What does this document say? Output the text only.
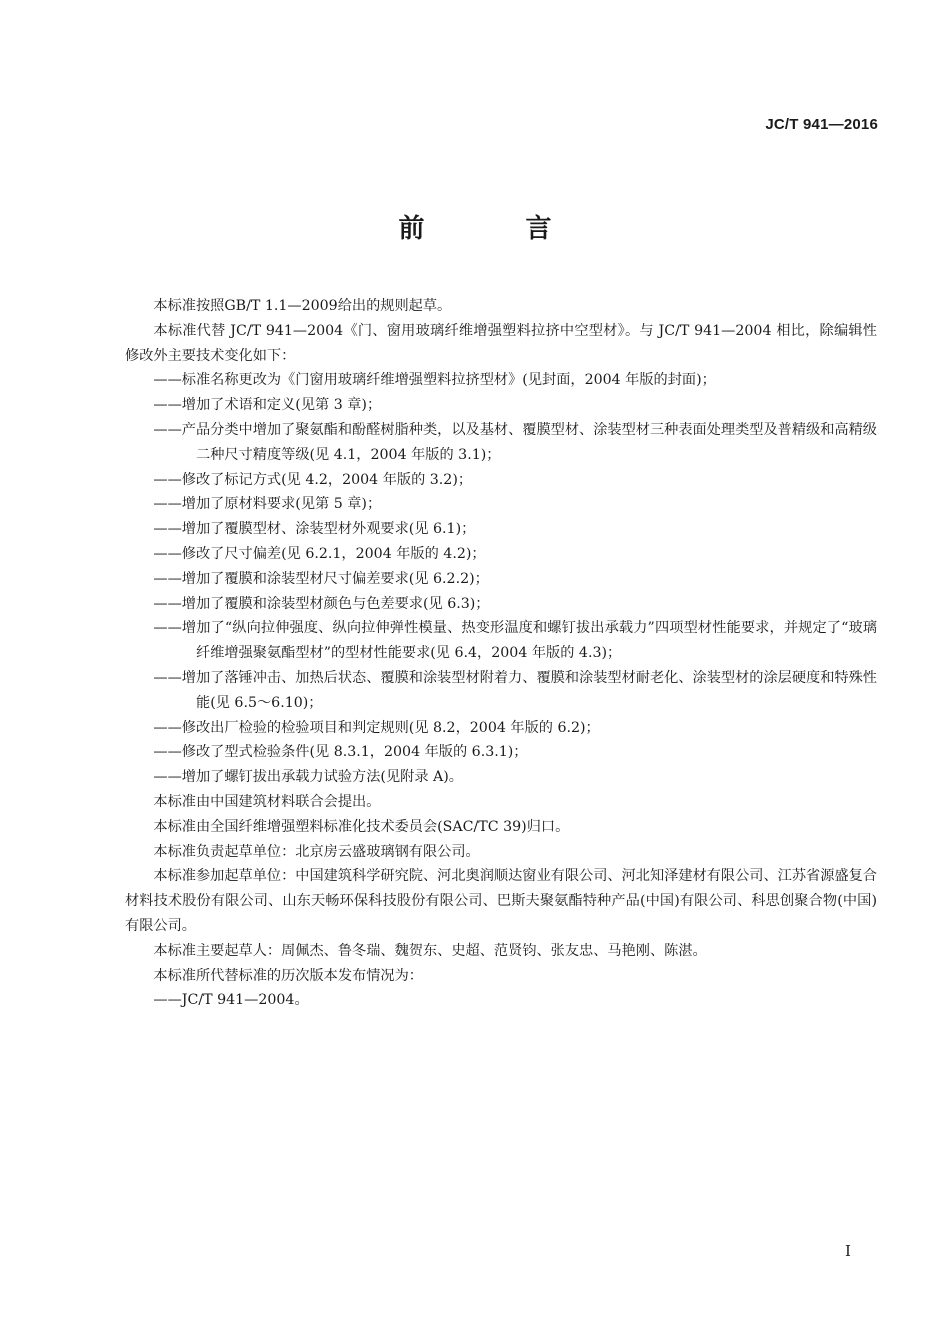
JC/T 941—2016
前 言

本标准按照GB/T 1.1—2009给出的规则起草。

本标准代替 JC/T 941—2004《门、窗用玻璃纤维增强塑料拉挤中空型材》。与 JC/T 941—2004 相比，除编辑性修改外主要技术变化如下：

——标准名称更改为《门窗用玻璃纤维增强塑料拉挤型材》(见封面，2004 年版的封面)；

——增加了术语和定义(见第 3 章)；

——产品分类中增加了聚氨酯和酚醛树脂种类，以及基材、覆膜型材、涂装型材三种表面处理类型及普精级和高精级二种尺寸精度等级(见 4.1，2004 年版的 3.1)；

——修改了标记方式(见 4.2，2004 年版的 3.2)；

——增加了原材料要求(见第 5 章)；

——增加了覆膜型材、涂装型材外观要求(见 6.1)；

——修改了尺寸偏差(见 6.2.1，2004 年版的 4.2)；

——增加了覆膜和涂装型材尺寸偏差要求(见 6.2.2)；

——增加了覆膜和涂装型材颜色与色差要求(见 6.3)；

——增加了“纵向拉伸强度、纵向拉伸弹性模量、热变形温度和螺钉拔出承载力”四项型材性能要求，并规定了“玻璃纤维增强聚氨酯型材”的型材性能要求(见 6.4，2004 年版的 4.3)；

——增加了落锤冲击、加热后状态、覆膜和涂装型材附着力、覆膜和涂装型材耐老化、涂装型材的涂层硬度和特殊性能(见 6.5～6.10)；

——修改出厂检验的检验项目和判定规则(见 8.2，2004 年版的 6.2)；

——修改了型式检验条件(见 8.3.1，2004 年版的 6.3.1)；

——增加了螺钉拔出承载力试验方法(见附录 A)。

本标准由中国建筑材料联合会提出。

本标准由全国纤维增强塑料标准化技术委员会(SAC/TC 39)归口。

本标准负责起草单位：北京房云盛玻璃钢有限公司。

本标准参加起草单位：中国建筑科学研究院、河北奥润顺达窗业有限公司、河北知泽建材有限公司、江苏省源盛复合材料技术股份有限公司、山东天畅环保科技股份有限公司、巴斯夫聚氨酯特种产品(中国)有限公司、科思创聚合物(中国)有限公司。

本标准主要起草人：周佩杰、鲁冬瑞、魏贺东、史超、范贤钧、张友忠、马艳刚、陈湛。

本标准所代替标准的历次版本发布情况为：

——JC/T 941—2004。

I
